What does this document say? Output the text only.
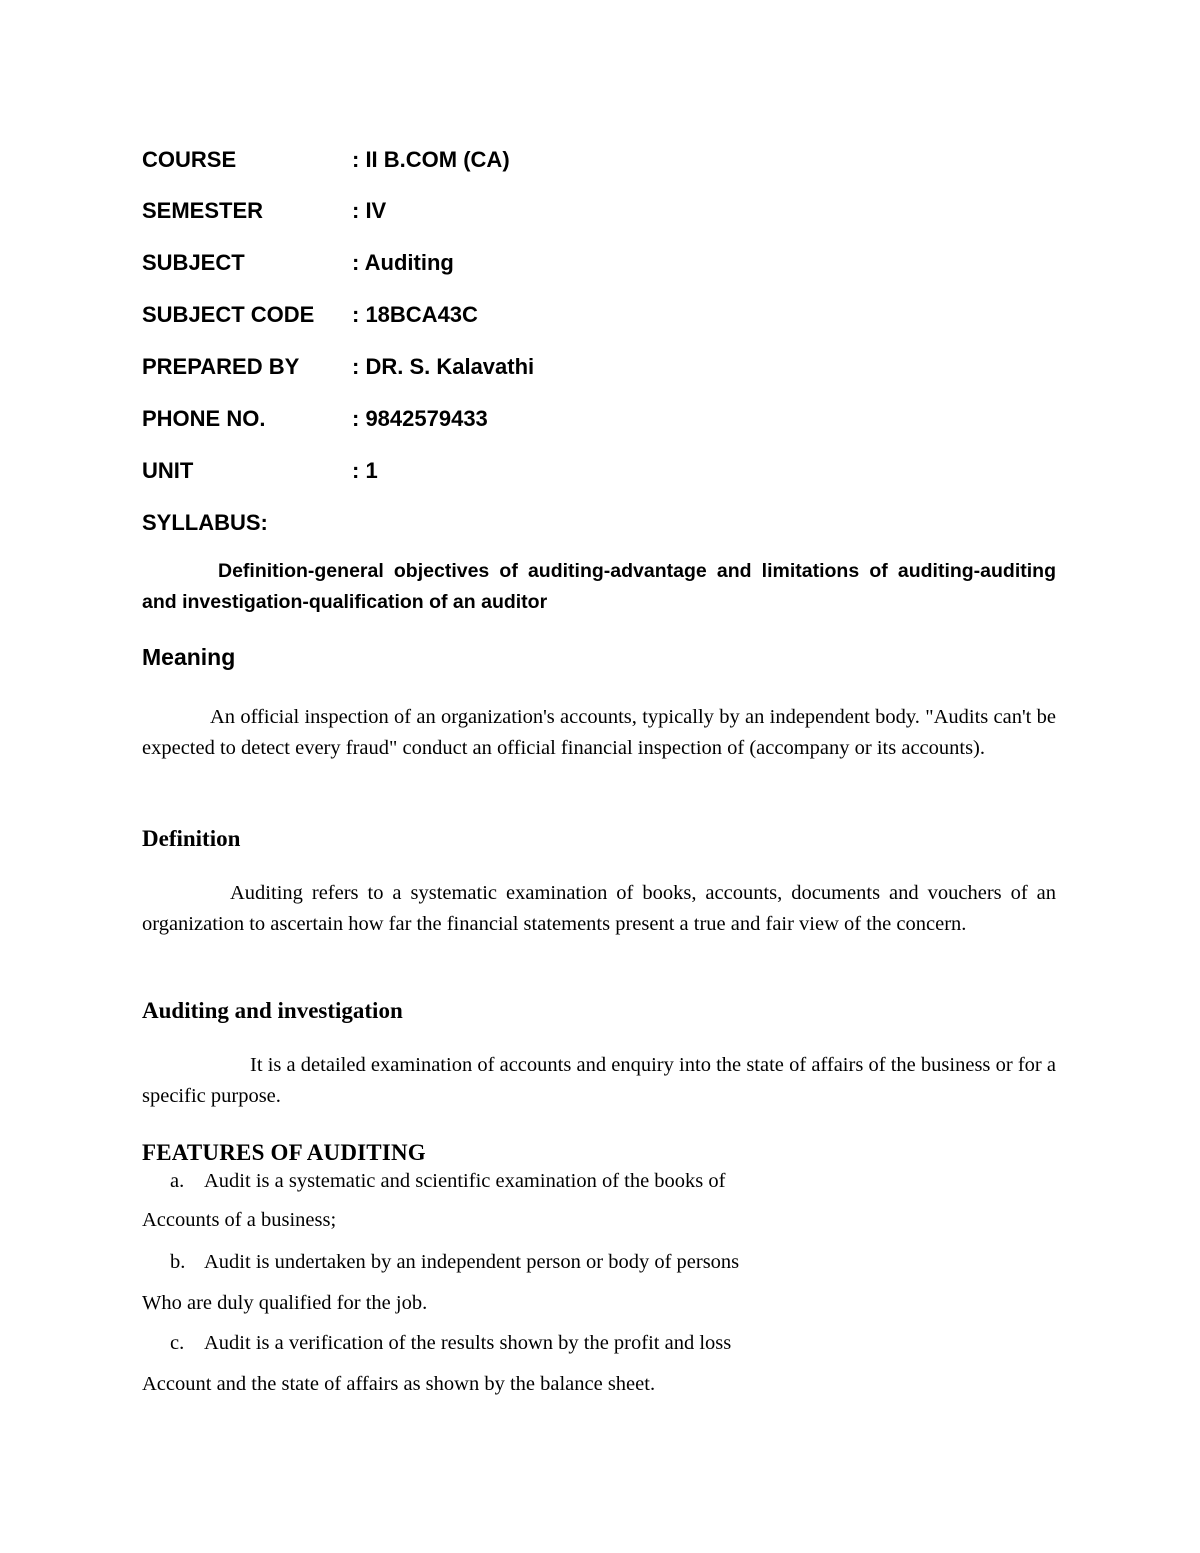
COURSE	: II B.COM (CA)
SEMESTER	: IV
SUBJECT	: Auditing
SUBJECT CODE : 18BCA43C
PREPARED BY : DR. S. Kalavathi
PHONE NO.	: 9842579433
UNIT	: 1
SYLLABUS:
Definition-general objectives of auditing-advantage and limitations of auditing-auditing and investigation-qualification of an auditor
Meaning
An official inspection of an organization's accounts, typically by an independent body. "Audits can't be expected to detect every fraud" conduct an official financial inspection of (accompany or its accounts).
Definition
Auditing refers to a systematic examination of books, accounts, documents and vouchers of an organization to ascertain how far the financial statements present a true and fair view of the concern.
Auditing and investigation
It is a detailed examination of accounts and enquiry into the state of affairs of the business or for a specific purpose.
FEATURES OF AUDITING
a. Audit is a systematic and scientific examination of the books of
Accounts of a business;
b. Audit is undertaken by an independent person or body of persons
Who are duly qualified for the job.
c. Audit is a verification of the results shown by the profit and loss
Account and the state of affairs as shown by the balance sheet.
